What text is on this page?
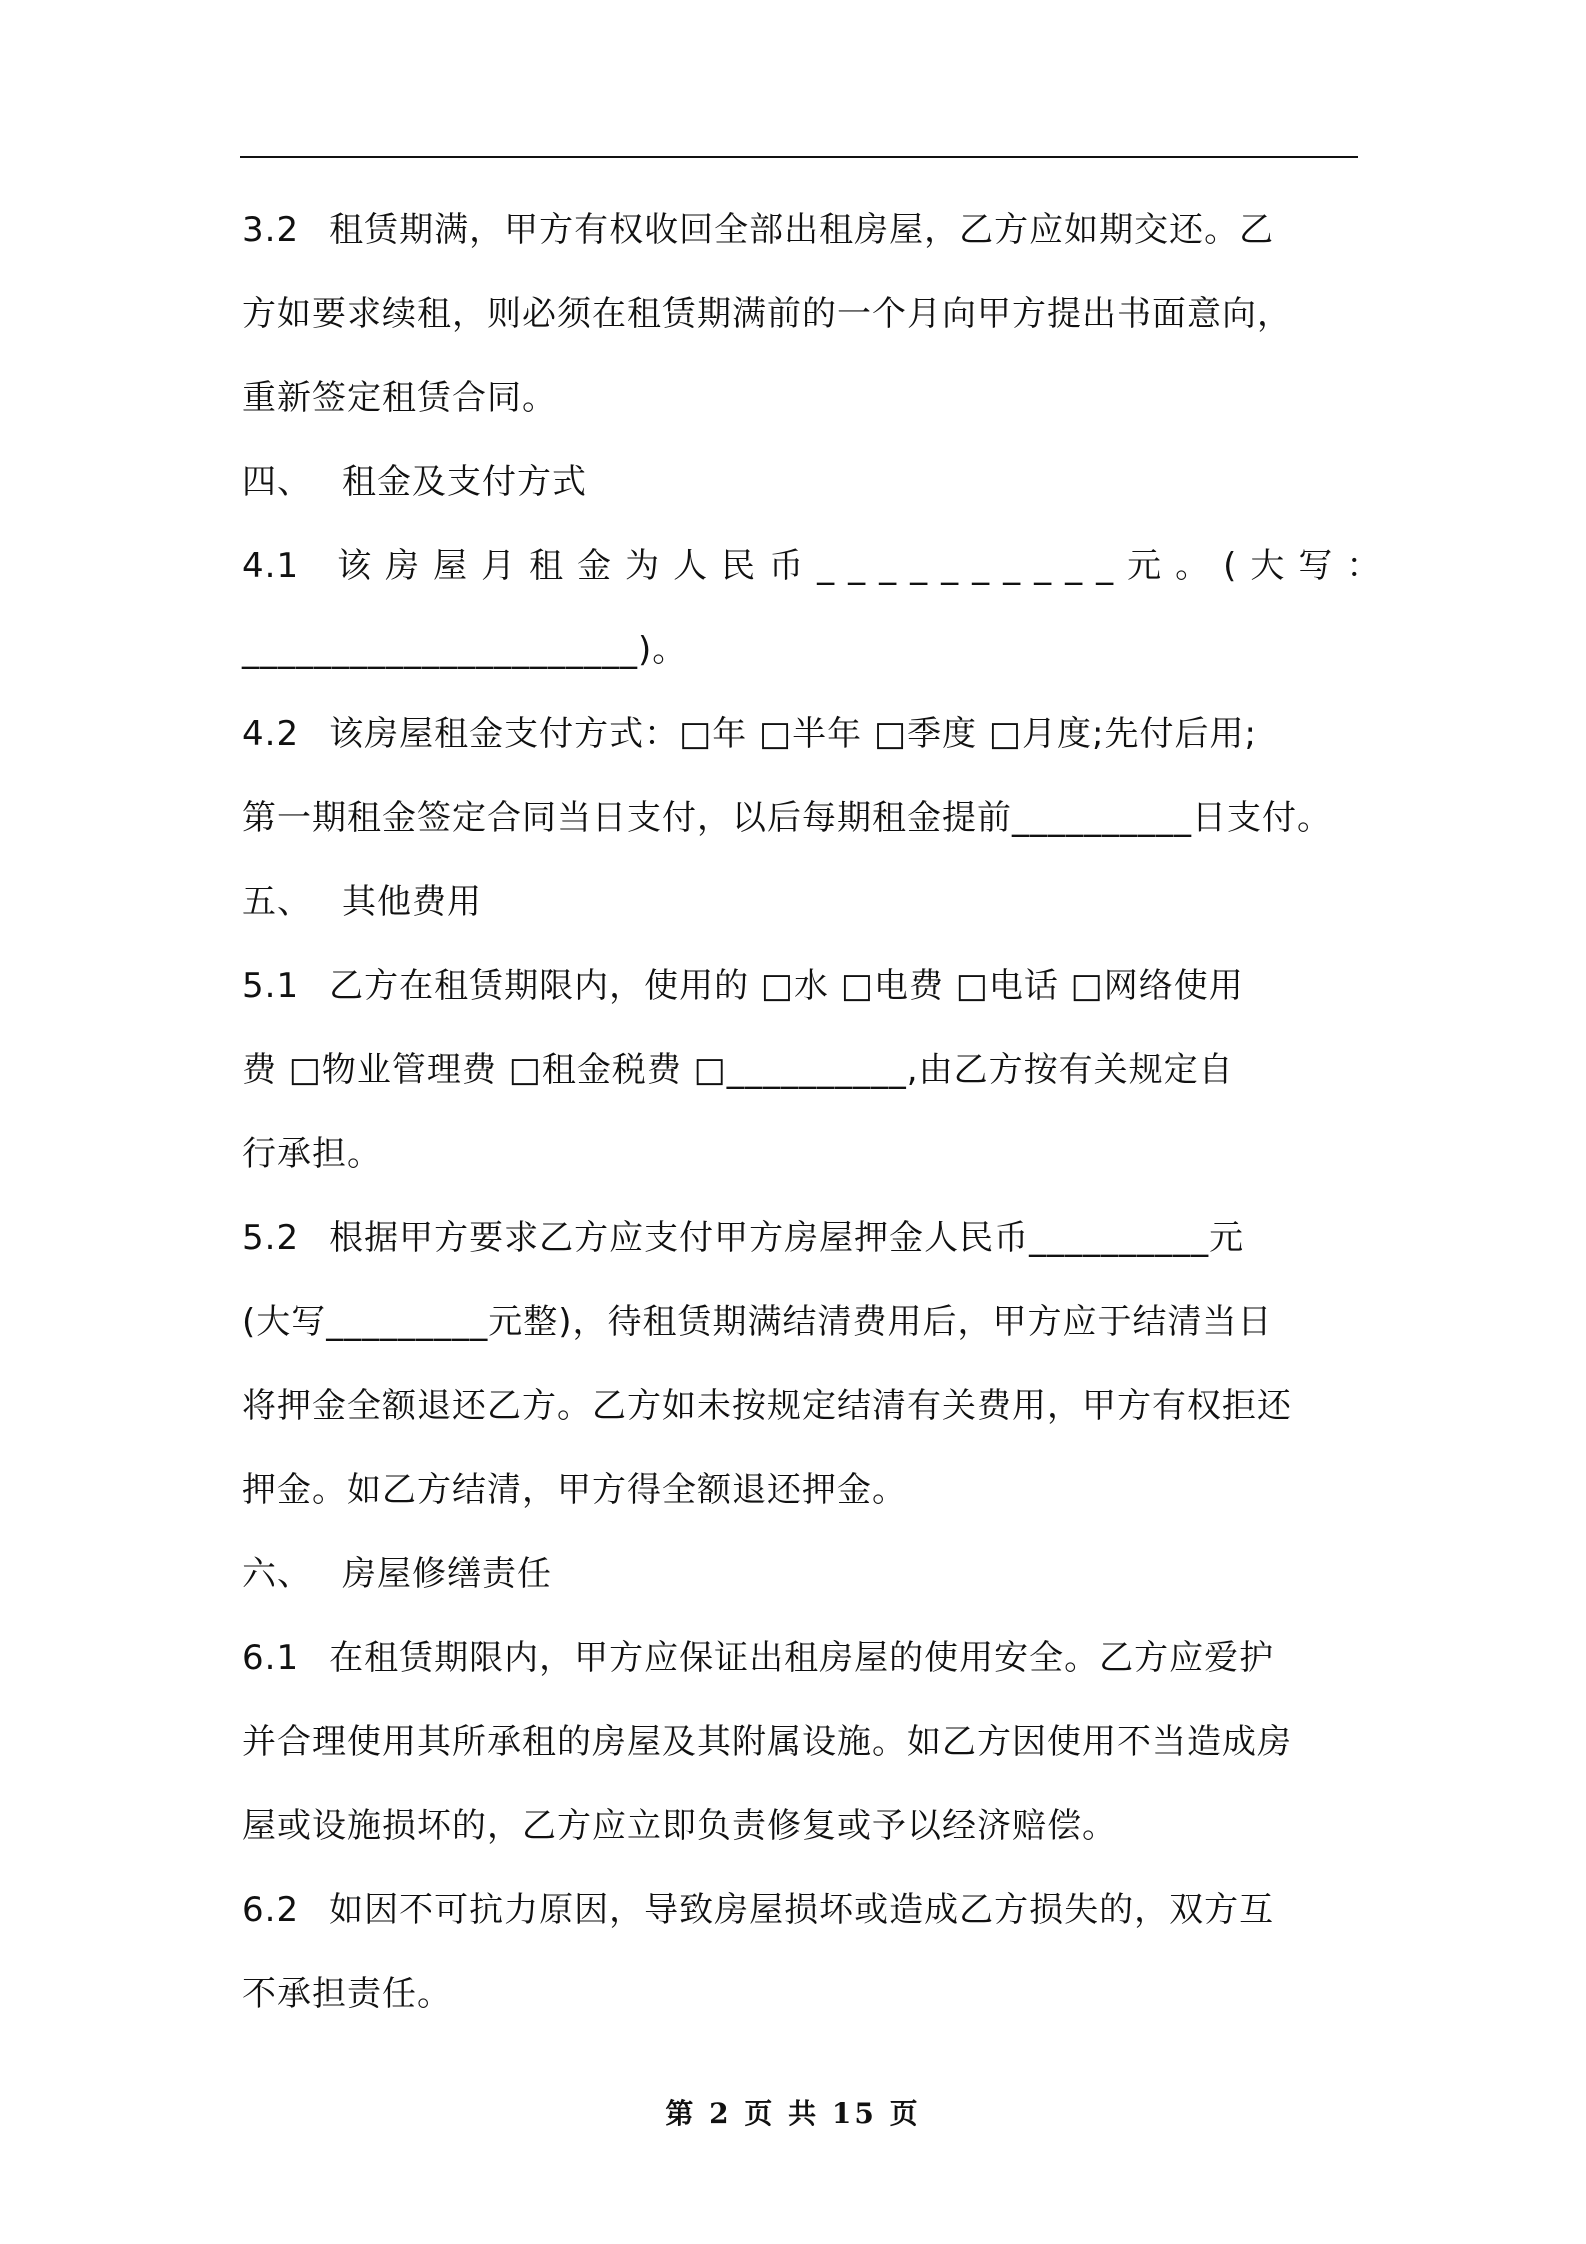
3.2 租赁期满，甲方有权收回全部出租房屋，乙方应如期交还。乙
方如要求续租，则必须在租赁期满前的一个月向甲方提出书面意向，
重新签定租赁合同。
四、 租金及支付方式
4.1 该房屋月租金为人民币__________元。(大写：
______________________)。
4.2 该房屋租金支付方式：□年 □半年 □季度 □月度;先付后用;
第一期租金签定合同当日支付，以后每期租金提前__________日支付。
五、 其他费用
5.1 乙方在租赁期限内，使用的 □水 □电费 □电话 □网络使用
费 □物业管理费 □租金税费 □__________,由乙方按有关规定自
行承担。
5.2 根据甲方要求乙方应支付甲方房屋押金人民币__________元
(大写_________元整)，待租赁期满结清费用后，甲方应于结清当日
将押金全额退还乙方。乙方如未按规定结清有关费用，甲方有权拒还
押金。如乙方结清，甲方得全额退还押金。
六、 房屋修缮责任
6.1 在租赁期限内，甲方应保证出租房屋的使用安全。乙方应爱护
并合理使用其所承租的房屋及其附属设施。如乙方因使用不当造成房
屋或设施损坏的，乙方应立即负责修复或予以经济赔偿。
6.2 如因不可抗力原因，导致房屋损坏或造成乙方损失的，双方互
不承担责任。
第 2 页 共 15 页
